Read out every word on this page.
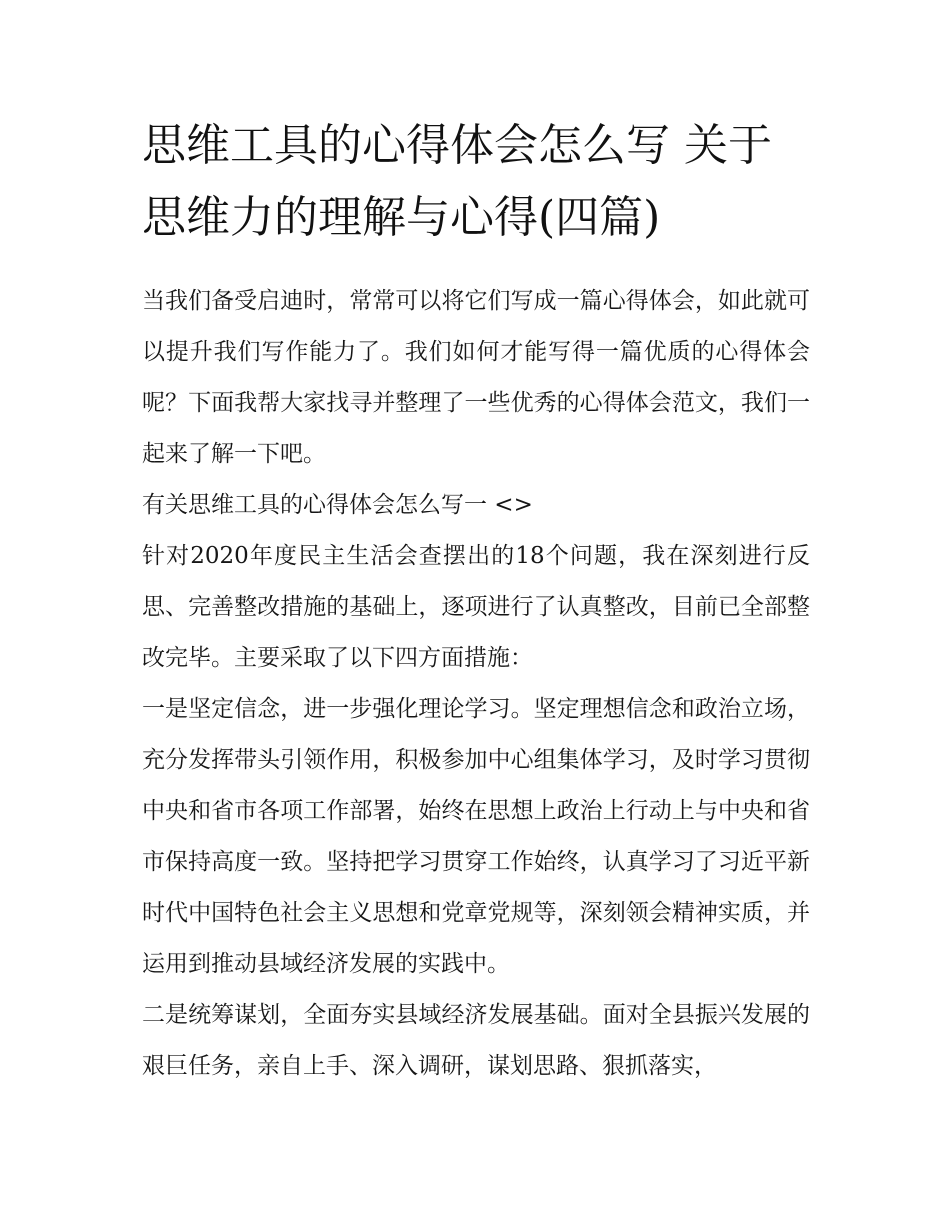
思维工具的心得体会怎么写 关于思维力的理解与心得(四篇)

当我们备受启迪时，常常可以将它们写成一篇心得体会，如此就可以提升我们写作能力了。我们如何才能写得一篇优质的心得体会呢？下面我帮大家找寻并整理了一些优秀的心得体会范文，我们一起来了解一下吧。

有关思维工具的心得体会怎么写一 <>

针对2020年度民主生活会查摆出的18个问题，我在深刻进行反思、完善整改措施的基础上，逐项进行了认真整改，目前已全部整改完毕。主要采取了以下四方面措施：

一是坚定信念，进一步强化理论学习。坚定理想信念和政治立场，充分发挥带头引领作用，积极参加中心组集体学习，及时学习贯彻中央和省市各项工作部署，始终在思想上政治上行动上与中央和省市保持高度一致。坚持把学习贯穿工作始终，认真学习了习近平新时代中国特色社会主义思想和党章党规等，深刻领会精神实质，并运用到推动县域经济发展的实践中。

二是统筹谋划，全面夯实县域经济发展基础。面对全县振兴发展的艰巨任务，亲自上手、深入调研，谋划思路、狠抓落实，
